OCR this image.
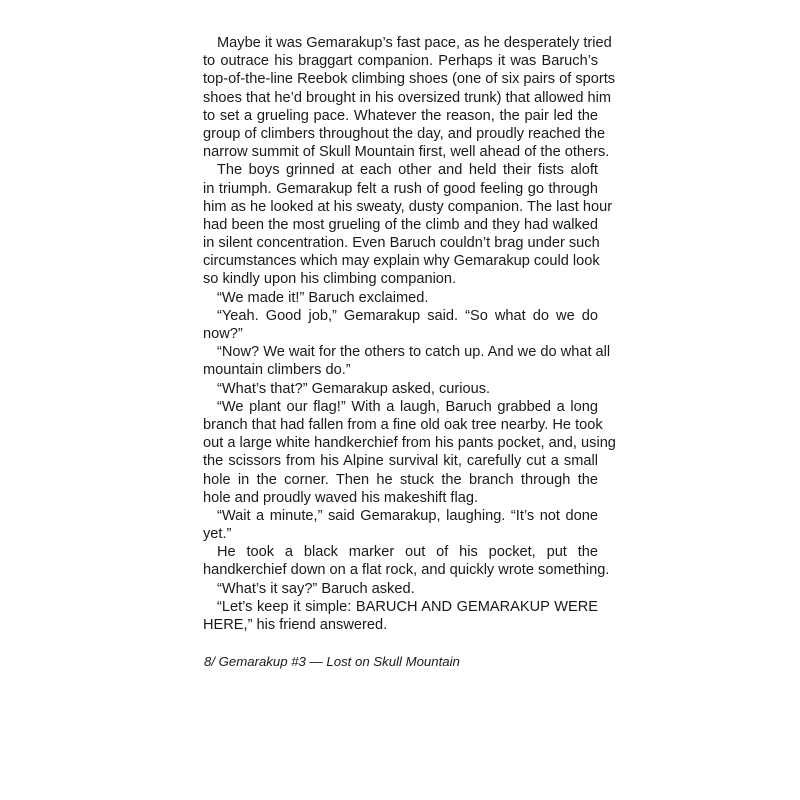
Maybe it was Gemarakup’s fast pace, as he desperately tried
to outrace his braggart companion. Perhaps it was Baruch’s
top-of-the-line Reebok climbing shoes (one of six pairs of sports
shoes that he’d brought in his oversized trunk) that allowed him
to set a grueling pace. Whatever the reason, the pair led the
group of climbers throughout the day, and proudly reached the
narrow summit of Skull Mountain first, well ahead of the others.
The boys grinned at each other and held their fists aloft
in triumph. Gemarakup felt a rush of good feeling go through
him as he looked at his sweaty, dusty companion. The last hour
had been the most grueling of the climb and they had walked
in silent concentration. Even Baruch couldn’t brag under such
circumstances which may explain why Gemarakup could look
so kindly upon his climbing companion.
“We made it!” Baruch exclaimed.
“Yeah. Good job,” Gemarakup said. “So what do we do
now?”
“Now? We wait for the others to catch up. And we do what all
mountain climbers do.”
“What’s that?” Gemarakup asked, curious.
“We plant our flag!” With a laugh, Baruch grabbed a long
branch that had fallen from a fine old oak tree nearby. He took
out a large white handkerchief from his pants pocket, and, using
the scissors from his Alpine survival kit, carefully cut a small
hole in the corner. Then he stuck the branch through the
hole and proudly waved his makeshift flag.
“Wait a minute,” said Gemarakup, laughing. “It’s not done
yet.”
He took a black marker out of his pocket, put the
handkerchief down on a flat rock, and quickly wrote something.
“What’s it say?” Baruch asked.
“Let’s keep it simple: BARUCH AND GEMARAKUP WERE
HERE,” his friend answered.
8/ Gemarakup #3 — Lost on Skull Mountain
